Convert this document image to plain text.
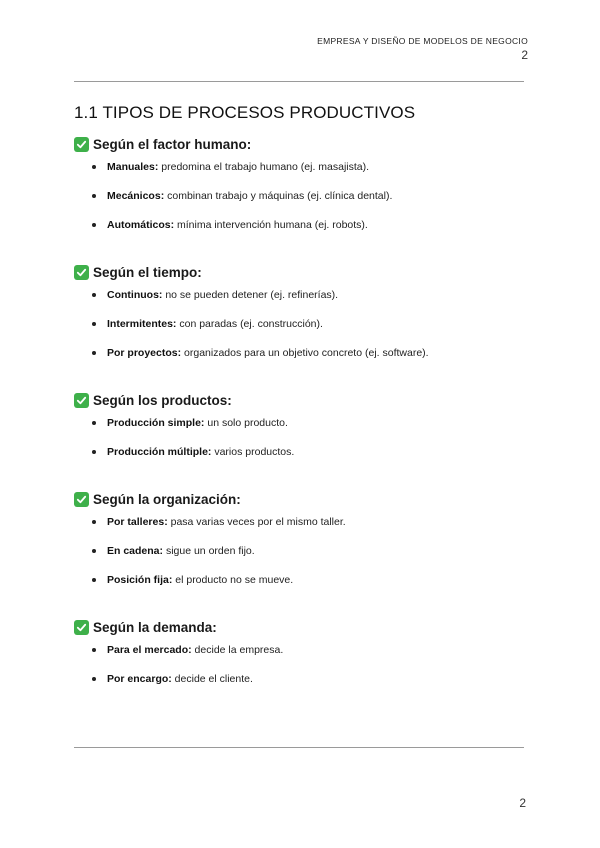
EMPRESA Y DISEÑO DE MODELOS DE NEGOCIO
2
1.1 TIPOS DE PROCESOS PRODUCTIVOS
Según el factor humano:
Manuales: predomina el trabajo humano (ej. masajista).
Mecánicos: combinan trabajo y máquinas (ej. clínica dental).
Automáticos: mínima intervención humana (ej. robots).
Según el tiempo:
Continuos: no se pueden detener (ej. refinerías).
Intermitentes: con paradas (ej. construcción).
Por proyectos: organizados para un objetivo concreto (ej. software).
Según los productos:
Producción simple: un solo producto.
Producción múltiple: varios productos.
Según la organización:
Por talleres: pasa varias veces por el mismo taller.
En cadena: sigue un orden fijo.
Posición fija: el producto no se mueve.
Según la demanda:
Para el mercado: decide la empresa.
Por encargo: decide el cliente.
2
